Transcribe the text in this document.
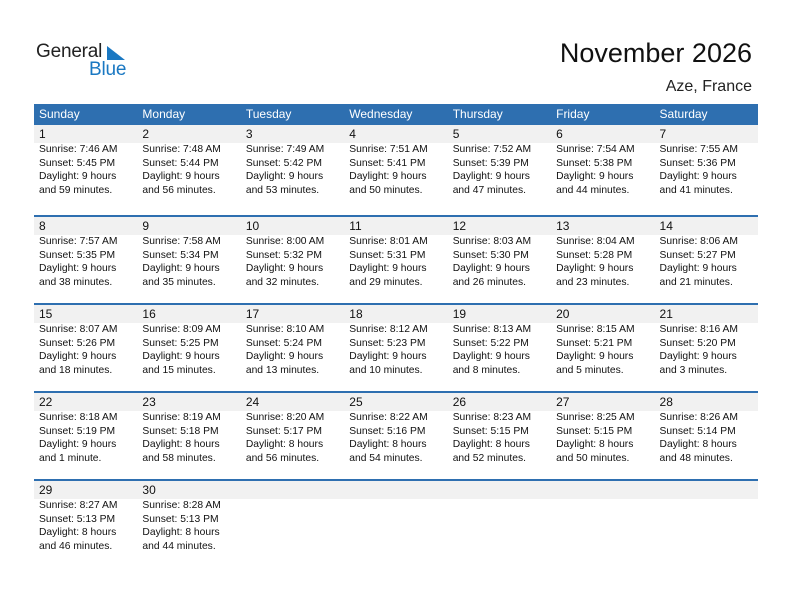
General
Blue
November 2026
Aze, France
Sunday	Monday	Tuesday	Wednesday	Thursday	Friday	Saturday
1	2	3	4	5	6	7
Sunrise: 7:46 AM
Sunset: 5:45 PM
Daylight: 9 hours
and 59 minutes.
Sunrise: 7:48 AM
Sunset: 5:44 PM
Daylight: 9 hours
and 56 minutes.
Sunrise: 7:49 AM
Sunset: 5:42 PM
Daylight: 9 hours
and 53 minutes.
Sunrise: 7:51 AM
Sunset: 5:41 PM
Daylight: 9 hours
and 50 minutes.
Sunrise: 7:52 AM
Sunset: 5:39 PM
Daylight: 9 hours
and 47 minutes.
Sunrise: 7:54 AM
Sunset: 5:38 PM
Daylight: 9 hours
and 44 minutes.
Sunrise: 7:55 AM
Sunset: 5:36 PM
Daylight: 9 hours
and 41 minutes.
8	9	10	11	12	13	14
Sunrise: 7:57 AM
Sunset: 5:35 PM
Daylight: 9 hours
and 38 minutes.
Sunrise: 7:58 AM
Sunset: 5:34 PM
Daylight: 9 hours
and 35 minutes.
Sunrise: 8:00 AM
Sunset: 5:32 PM
Daylight: 9 hours
and 32 minutes.
Sunrise: 8:01 AM
Sunset: 5:31 PM
Daylight: 9 hours
and 29 minutes.
Sunrise: 8:03 AM
Sunset: 5:30 PM
Daylight: 9 hours
and 26 minutes.
Sunrise: 8:04 AM
Sunset: 5:28 PM
Daylight: 9 hours
and 23 minutes.
Sunrise: 8:06 AM
Sunset: 5:27 PM
Daylight: 9 hours
and 21 minutes.
15	16	17	18	19	20	21
Sunrise: 8:07 AM
Sunset: 5:26 PM
Daylight: 9 hours
and 18 minutes.
Sunrise: 8:09 AM
Sunset: 5:25 PM
Daylight: 9 hours
and 15 minutes.
Sunrise: 8:10 AM
Sunset: 5:24 PM
Daylight: 9 hours
and 13 minutes.
Sunrise: 8:12 AM
Sunset: 5:23 PM
Daylight: 9 hours
and 10 minutes.
Sunrise: 8:13 AM
Sunset: 5:22 PM
Daylight: 9 hours
and 8 minutes.
Sunrise: 8:15 AM
Sunset: 5:21 PM
Daylight: 9 hours
and 5 minutes.
Sunrise: 8:16 AM
Sunset: 5:20 PM
Daylight: 9 hours
and 3 minutes.
22	23	24	25	26	27	28
Sunrise: 8:18 AM
Sunset: 5:19 PM
Daylight: 9 hours
and 1 minute.
Sunrise: 8:19 AM
Sunset: 5:18 PM
Daylight: 8 hours
and 58 minutes.
Sunrise: 8:20 AM
Sunset: 5:17 PM
Daylight: 8 hours
and 56 minutes.
Sunrise: 8:22 AM
Sunset: 5:16 PM
Daylight: 8 hours
and 54 minutes.
Sunrise: 8:23 AM
Sunset: 5:15 PM
Daylight: 8 hours
and 52 minutes.
Sunrise: 8:25 AM
Sunset: 5:15 PM
Daylight: 8 hours
and 50 minutes.
Sunrise: 8:26 AM
Sunset: 5:14 PM
Daylight: 8 hours
and 48 minutes.
29	30
Sunrise: 8:27 AM
Sunset: 5:13 PM
Daylight: 8 hours
and 46 minutes.
Sunrise: 8:28 AM
Sunset: 5:13 PM
Daylight: 8 hours
and 44 minutes.
